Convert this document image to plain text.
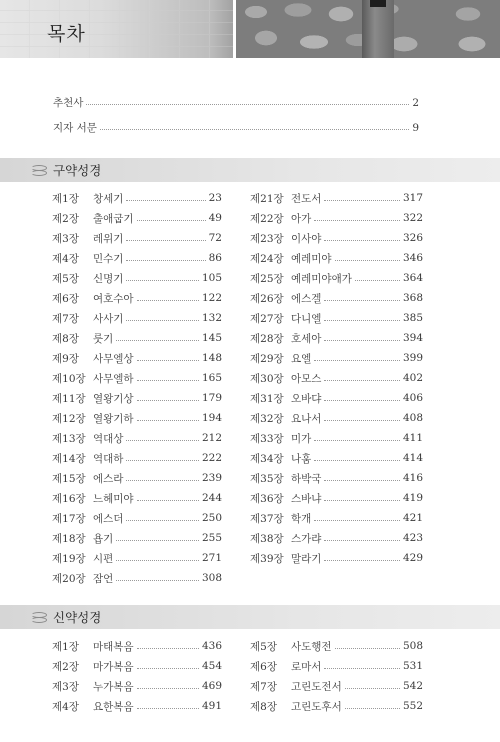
목차
추천사	2
지자 서문	9
구약성경
제1장 창세기	23
제2장 출애굽기	49
제3장 레위기	72
제4장 민수기	86
제5장 신명기	105
제6장 여호수아	122
제7장 사사기	132
제8장 룻기	145
제9장 사무엘상	148
제10장 사무엘하	165
제11장 열왕기상	179
제12장 열왕기하	194
제13장 역대상	212
제14장 역대하	222
제15장 에스라	239
제16장 느헤미야	244
제17장 에스더	250
제18장 욥기	255
제19장 시편	271
제20장 잠언	308
제21장 전도서	317
제22장 아가	322
제23장 이사야	326
제24장 예레미야	346
제25장 예레미야애가	364
제26장 에스겔	368
제27장 다니엘	385
제28장 호세아	394
제29장 요엘	399
제30장 아모스	402
제31장 오바댜	406
제32장 요나서	408
제33장 미가	411
제34장 나훔	414
제35장 하박국	416
제36장 스바냐	419
제37장 학개	421
제38장 스가랴	423
제39장 말라기	429
신약성경
제1장 마태복음	436
제2장 마가복음	454
제3장 누가복음	469
제4장 요한복음	491
제5장 사도행전	508
제6장 로마서	531
제7장 고린도전서	542
제8장 고린도후서	552
